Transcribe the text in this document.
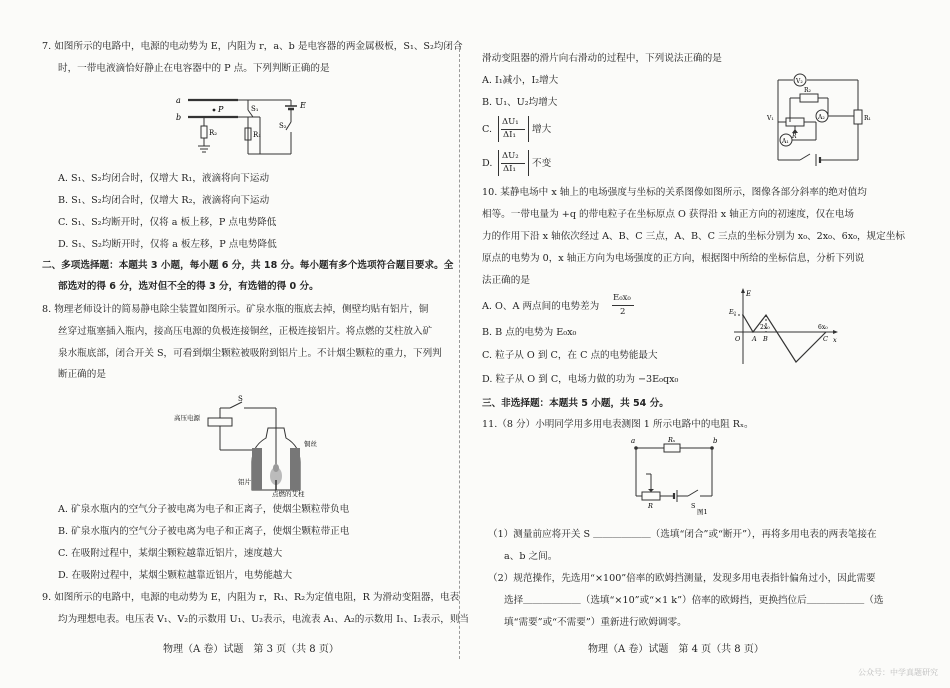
7. 如图所示的电路中，电源的电动势为 E，内阻为 r，a、b 是电容器的两金属极板，S₁、S₂均闭合
时，一带电液滴恰好静止在电容器中的 P 点。下列判断正确的是
a
b
P	S₁
S₂
R₁
R₂
E
A. S₁、S₂均闭合时，仅增大 R₁，液滴将向下运动
B. S₁、S₂均闭合时，仅增大 R₂，液滴将向下运动
C. S₁、S₂均断开时，仅将 a 板上移，P 点电势降低
D. S₁、S₂均断开时，仅将 a 板左移，P 点电势降低
二、多项选择题：本题共 3 小题，每小题 6 分，共 18 分。每小题有多个选项符合题目要求。全
部选对的得 6 分，选对但不全的得 3 分，有选错的得 0 分。
8. 物理老师设计的简易静电除尘装置如图所示。矿泉水瓶的瓶底去掉，侧壁均贴有铝片，铜
丝穿过瓶塞插入瓶内，接高压电源的负极连接铜丝，正极连接铝片。将点燃的艾柱放入矿
泉水瓶底部，闭合开关 S，可看到烟尘颗粒被吸附到铝片上。不计烟尘颗粒的重力，下列判
断正确的是
S
高压电源
铜丝
铝片
点燃的艾柱
A. 矿泉水瓶内的空气分子被电离为电子和正离子，使烟尘颗粒带负电
B. 矿泉水瓶内的空气分子被电离为电子和正离子，使烟尘颗粒带正电
C. 在吸附过程中，某烟尘颗粒越靠近铝片，速度越大
D. 在吸附过程中，某烟尘颗粒越靠近铝片，电势能越大
9. 如图所示的电路中，电源的电动势为 E，内阻为 r，R₁、R₂为定值电阻，R 为滑动变阻器，电表
均为理想电表。电压表 V₁、V₂的示数用 U₁、U₂表示，电流表 A₁、A₂的示数用 I₁、I₂表示，则当
物理（A 卷）试题　第 3 页（共 8 页）
滑动变阻器的滑片向右滑动的过程中，下列说法正确的是
A. I₁减小，I₂增大
B. U₁、U₂均增大
C.
ΔU₁
ΔI₁ 增大
D.
ΔU₂
ΔI₁ 不变
V₂
R₂
R
A₂	R₁
V₁
A₁
10. 某静电场中 x 轴上的电场强度与坐标的关系图像如图所示，图像各部分斜率的绝对值均
相等。一带电量为 +q 的带电粒子在坐标原点 O 获得沿 x 轴正方向的初速度，仅在电场
力的作用下沿 x 轴依次经过 A、B、C 三点，A、B、C 三点的坐标分别为 x₀、2x₀、6x₀，规定坐标
原点的电势为 0，x 轴正方向为电场强度的正方向，根据图中所给的坐标信息，分析下列说
法正确的是
A. O、A 两点间的电势差为
E₀x₀
2
B. B 点的电势为 E₀x₀
C. 粒子从 O 到 C，在 C 点的电势能最大
D. 粒子从 O 到 C，电场力做的功为 −3E₀qx₀
E
E₀
O A B	C x
2x₀	6x₀
三、非选择题：本题共 5 小题，共 54 分。
11.（8 分）小明同学用多用电表测图 1 所示电路中的电阻 Rₓ。
Rₓ
a	b
R	S
图1
（1）测量前应将开关 S ＿＿＿＿＿＿（选填“闭合”或“断开”），再将多用电表的两表笔接在
a、b 之间。
（2）规范操作，先选用“×100”倍率的欧姆挡测量，发现多用电表指针偏角过小，因此需要
选择＿＿＿＿＿＿（选填“×10”或“×1 k”）倍率的欧姆挡，更换挡位后＿＿＿＿＿＿（选
填“需要”或“不需要”）重新进行欧姆调零。
物理（A 卷）试题　第 4 页（共 8 页）
公众号：中学真题研究
